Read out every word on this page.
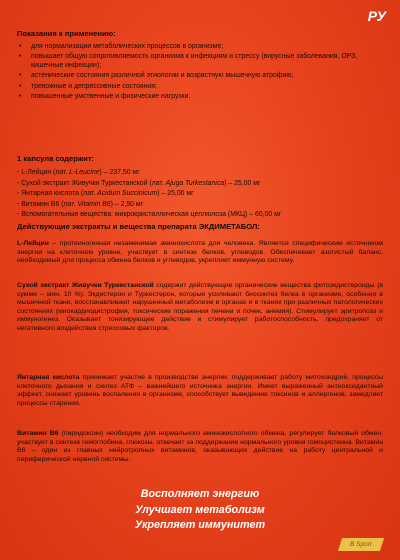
РУ
Показания к применению:
• для нормализации метаболических процессов в организме;
• повышает общую сопротивляемость организма к инфекциям и стрессу (вирусные заболевания, ОРЗ, кишечные инфекции);
• астенические состояния различной этиологии и возрастную мышечную атрофию;
• тревожные и депрессивные состояния;
• повышенные умственные и физические нагрузки.
1 капсула содержит:
- L-Лейцин (лат. L-Leucine) – 237,50 мг
- Сухой экстракт Живучки Туркестанской (лат. Ajuga Turkestanica) – 25,00 мг
- Янтарная кислота (лат. Acidum Succinicum) – 25,00 мг
- Витамин В6 (лат. Vitamin B6) – 2,50 мг
- Вспомогательные вещества: микрокристаллическая целлюлоза (МКЦ) – 60,00 мг
Действующие экстракты и вещества препарата ЭКДИМЕТАБОЛ:
L-Лейцин – протеиногенная незаменимая аминокислота для человека. Является специфическим источником энергии на клеточном уровне, участвует в синтезе белков, углеводов. Обеспечивает азотистый баланс, необходимый для процесса обмена белков и углеводов, укрепляет иммунную систему.
Сухой экстракт Живучки Туркестанской содержит действующие органические вещества фитоэкдистероиды (в сумме – мин. 10 %): Экдистерон и Туркестерон, которые усиливают биосинтез белка в организме, особенно в мышечной ткани, восстанавливают нарушенный метаболизм в органах и в тканях при различных патологических состояниях (миокардиодистрофия, токсические поражения печени и почек, анемия). Стимулирует эритропоэз и иммуногенез. Оказывает тонизирующее действие и стимулирует работоспособность, предохраняет от негативного воздействия стрессовых факторов.
Янтарная кислота принимает участие в производстве энергии: поддерживает работу митохондрий, процессы клеточного дыхания и синтез АТФ – важнейшего источника энергии. Имеет выраженный антиоксидантный эффект, снижает уровень воспаления в организме, способствует выведению токсинов и аллергенов, замедляет процессы старения.
Витамин В6 (пиридоксин) необходим для нормального аминокислотного обмена, регулирует белковый обмен, участвует в синтезе гемоглобина, глюкозы, отвечает за поддержание нормального уровня гомоцистеина. Витамин В6 – один из главных нейротропных витаминов, оказывающих действие на работу центральной и периферической нервной системы.
Восполняет энергию
Улучшает метаболизм
Укрепляет иммунитет
B Sport
